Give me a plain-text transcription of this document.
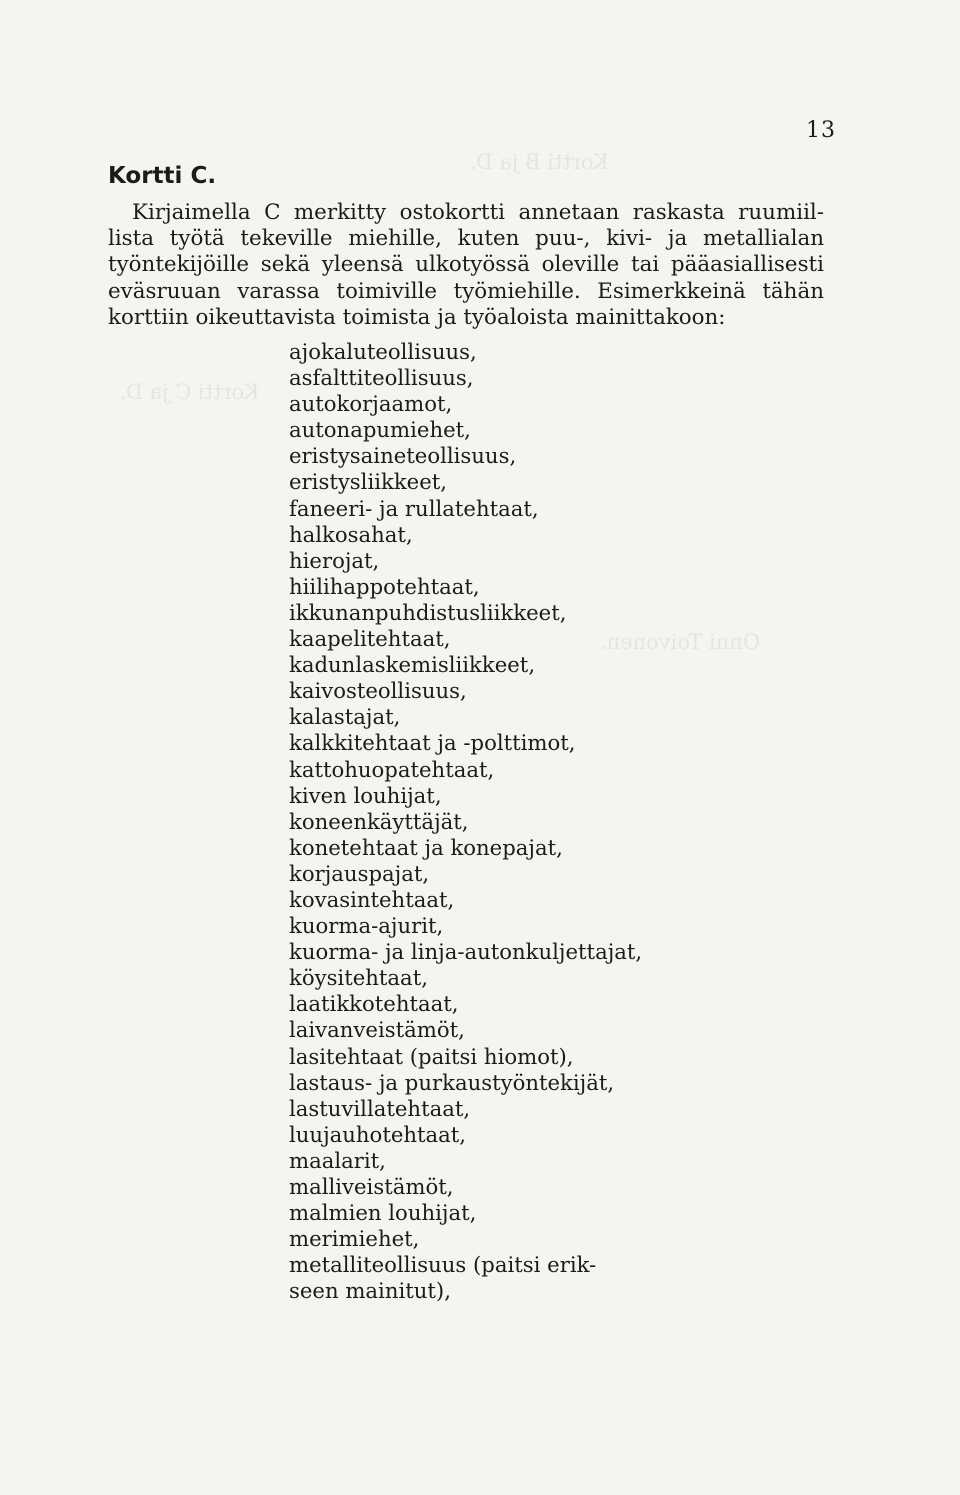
Kortti B ja D.
Kortti C ja D.
Onni Toivonen.
13
Kortti C.

Kirjaimella C merkitty ostokortti annetaan raskasta ruumiil-
lista työtä tekeville miehille, kuten puu-, kivi- ja metallialan
työntekijöille sekä yleensä ulkotyössä oleville tai pääasiallisesti
eväsruuan varassa toimiville työmiehille. Esimerkkeinä tähän
korttiin oikeuttavista toimista ja työaloista mainittakoon:

ajokaluteollisuus,
asfalttiteollisuus,
autokorjaamot,
autonapumiehet,
eristysaineteollisuus,
eristysliikkeet,
faneeri- ja rullatehtaat,
halkosahat,
hierojat,
hiilihappotehtaat,
ikkunanpuhdistusliikkeet,
kaapelitehtaat,
kadunlaskemisliikkeet,
kaivosteollisuus,
kalastajat,
kalkkitehtaat ja -polttimot,
kattohuopatehtaat,
kiven louhijat,
koneenkäyttäjät,
konetehtaat ja konepajat,
korjauspajat,
kovasintehtaat,
kuorma-ajurit,
kuorma- ja linja-autonkuljettajat,
köysitehtaat,
laatikkotehtaat,
laivanveistämöt,
lasitehtaat (paitsi hiomot),
lastaus- ja purkaustyöntekijät,
lastuvillatehtaat,
luujauhotehtaat,
maalarit,
malliveistämöt,
malmien louhijat,
merimiehet,
metalliteollisuus (paitsi erik-
seen mainitut),
